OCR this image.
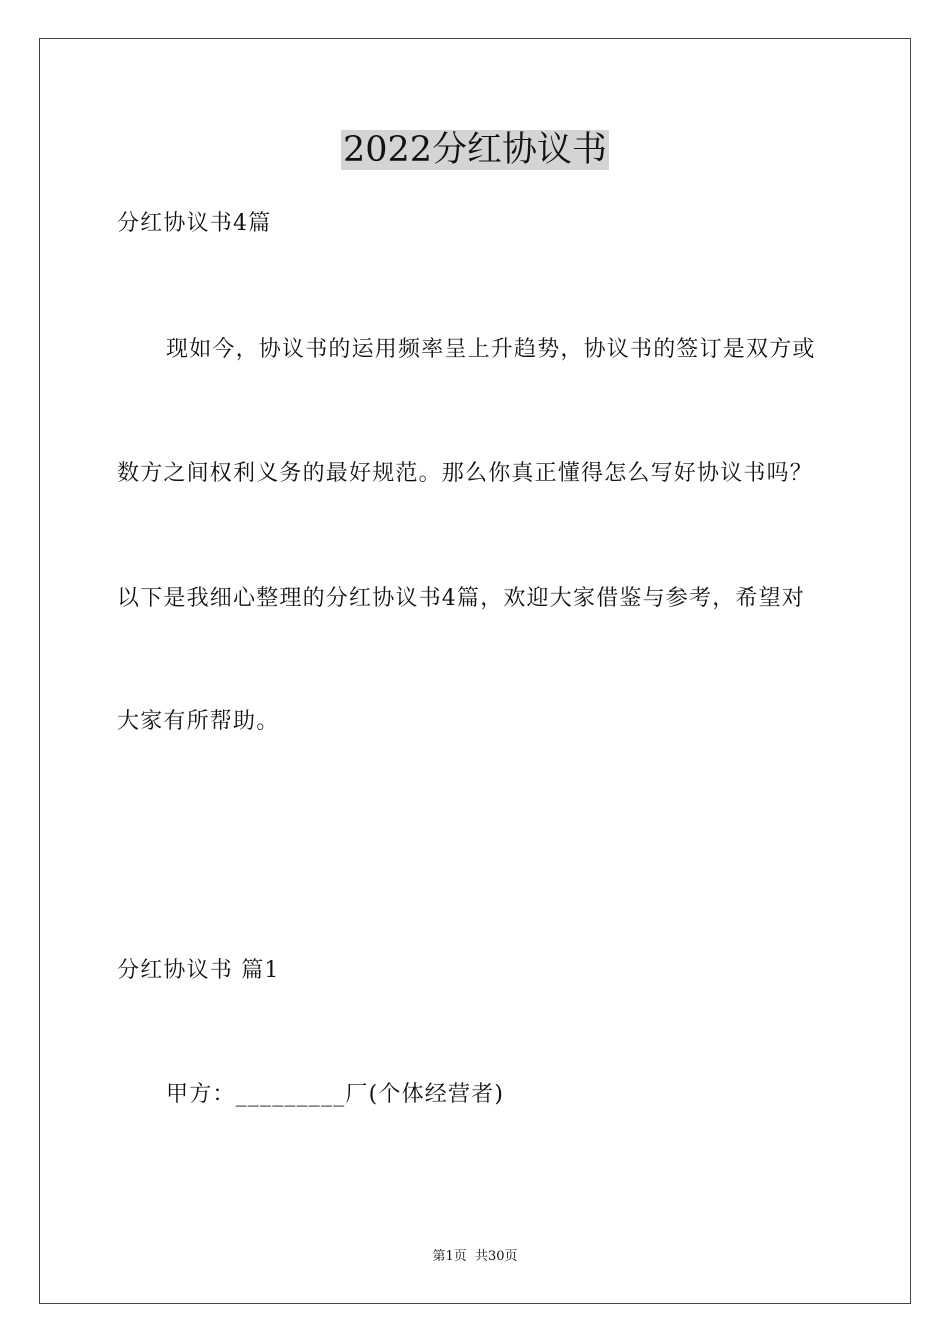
2022分红协议书
分红协议书4篇
现如今，协议书的运用频率呈上升趋势，协议书的签订是双方或
数方之间权利义务的最好规范。那么你真正懂得怎么写好协议书吗？
以下是我细心整理的分红协议书4篇，欢迎大家借鉴与参考，希望对
大家有所帮助。
分红协议书 篇1
甲方：_________厂(个体经营者)
第1页  共30页
